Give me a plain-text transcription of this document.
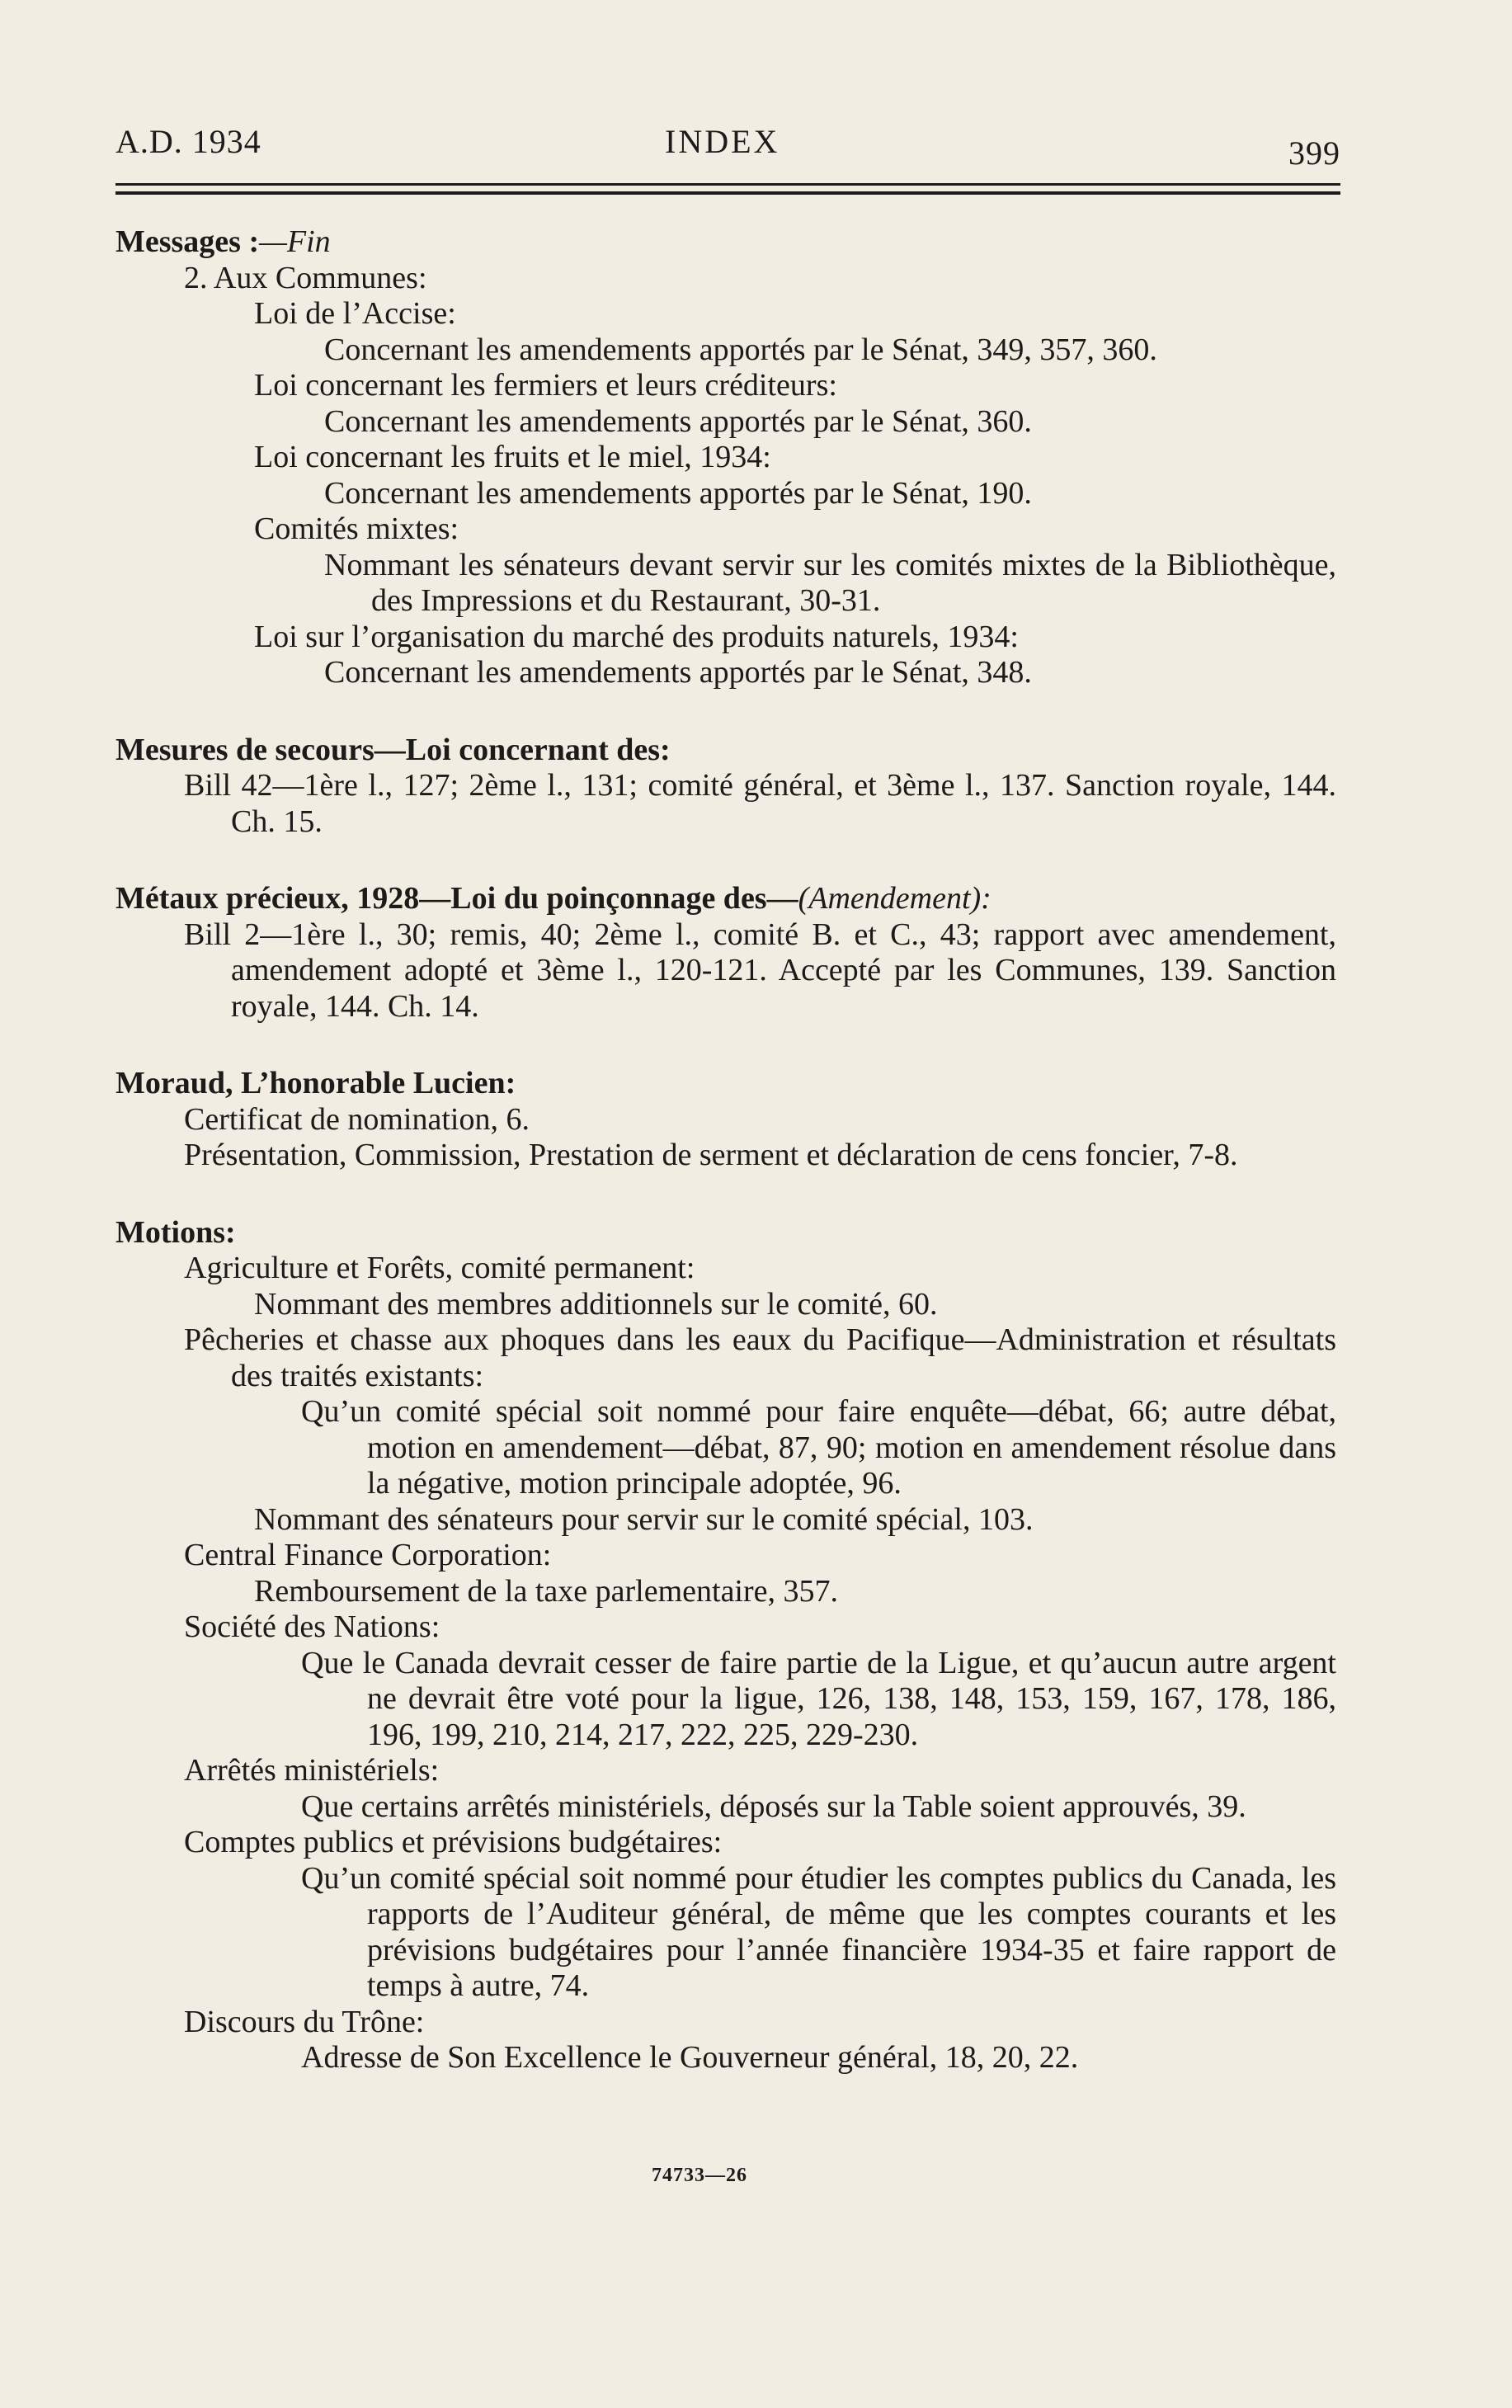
A.D. 1934	INDEX	399
Messages :—Fin
2. Aux Communes:
Loi de l’Accise:
Concernant les amendements apportés par le Sénat, 349, 357, 360.
Loi concernant les fermiers et leurs créditeurs:
Concernant les amendements apportés par le Sénat, 360.
Loi concernant les fruits et le miel, 1934:
Concernant les amendements apportés par le Sénat, 190.
Comités mixtes:
Nommant les sénateurs devant servir sur les comités mixtes de la Bibliothèque, des Impressions et du Restaurant, 30-31.
Loi sur l’organisation du marché des produits naturels, 1934:
Concernant les amendements apportés par le Sénat, 348.
Mesures de secours—Loi concernant des:
Bill 42—1ère l., 127; 2ème l., 131; comité général, et 3ème l., 137. Sanction royale, 144. Ch. 15.
Métaux précieux, 1928—Loi du poinçonnage des—(Amendement):
Bill 2—1ère l., 30; remis, 40; 2ème l., comité B. et C., 43; rapport avec amendement, amendement adopté et 3ème l., 120-121. Accepté par les Communes, 139. Sanction royale, 144. Ch. 14.
Moraud, L’honorable Lucien:
Certificat de nomination, 6.
Présentation, Commission, Prestation de serment et déclaration de cens foncier, 7-8.
Motions:
Agriculture et Forêts, comité permanent:
Nommant des membres additionnels sur le comité, 60.
Pêcheries et chasse aux phoques dans les eaux du Pacifique—Administration et résultats des traités existants:
Qu’un comité spécial soit nommé pour faire enquête—débat, 66; autre débat, motion en amendement—débat, 87, 90; motion en amendement résolue dans la négative, motion principale adoptée, 96.
Nommant des sénateurs pour servir sur le comité spécial, 103.
Central Finance Corporation:
Remboursement de la taxe parlementaire, 357.
Société des Nations:
Que le Canada devrait cesser de faire partie de la Ligue, et qu’aucun autre argent ne devrait être voté pour la ligue, 126, 138, 148, 153, 159, 167, 178, 186, 196, 199, 210, 214, 217, 222, 225, 229-230.
Arrêtés ministériels:
Que certains arrêtés ministériels, déposés sur la Table soient approuvés, 39.
Comptes publics et prévisions budgétaires:
Qu’un comité spécial soit nommé pour étudier les comptes publics du Canada, les rapports de l’Auditeur général, de même que les comptes courants et les prévisions budgétaires pour l’année financière 1934-35 et faire rapport de temps à autre, 74.
Discours du Trône:
Adresse de Son Excellence le Gouverneur général, 18, 20, 22.
74733—26
